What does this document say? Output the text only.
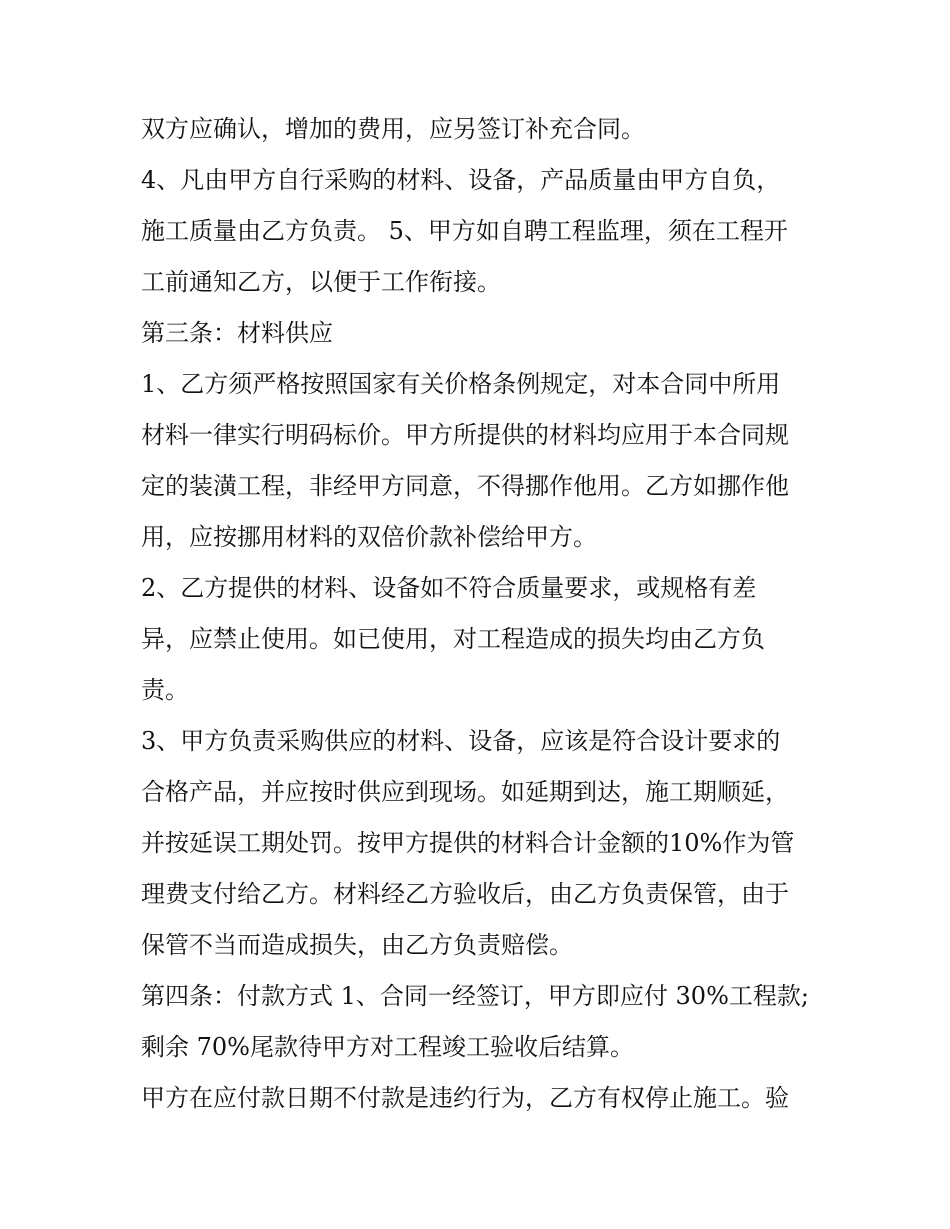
双方应确认，增加的费用，应另签订补充合同。
4、凡由甲方自行采购的材料、设备，产品质量由甲方自负，
施工质量由乙方负责。 5、甲方如自聘工程监理，须在工程开
工前通知乙方，以便于工作衔接。
第三条：材料供应
1、乙方须严格按照国家有关价格条例规定，对本合同中所用
材料一律实行明码标价。甲方所提供的材料均应用于本合同规
定的装潢工程，非经甲方同意，不得挪作他用。乙方如挪作他
用，应按挪用材料的双倍价款补偿给甲方。
2、乙方提供的材料、设备如不符合质量要求，或规格有差
异，应禁止使用。如已使用，对工程造成的损失均由乙方负
责。
3、甲方负责采购供应的材料、设备，应该是符合设计要求的
合格产品，并应按时供应到现场。如延期到达，施工期顺延，
并按延误工期处罚。按甲方提供的材料合计金额的10%作为管
理费支付给乙方。材料经乙方验收后，由乙方负责保管，由于
保管不当而造成损失，由乙方负责赔偿。
第四条：付款方式 1、合同一经签订，甲方即应付 30%工程款;
剩余 70%尾款待甲方对工程竣工验收后结算。
甲方在应付款日期不付款是违约行为，乙方有权停止施工。验
